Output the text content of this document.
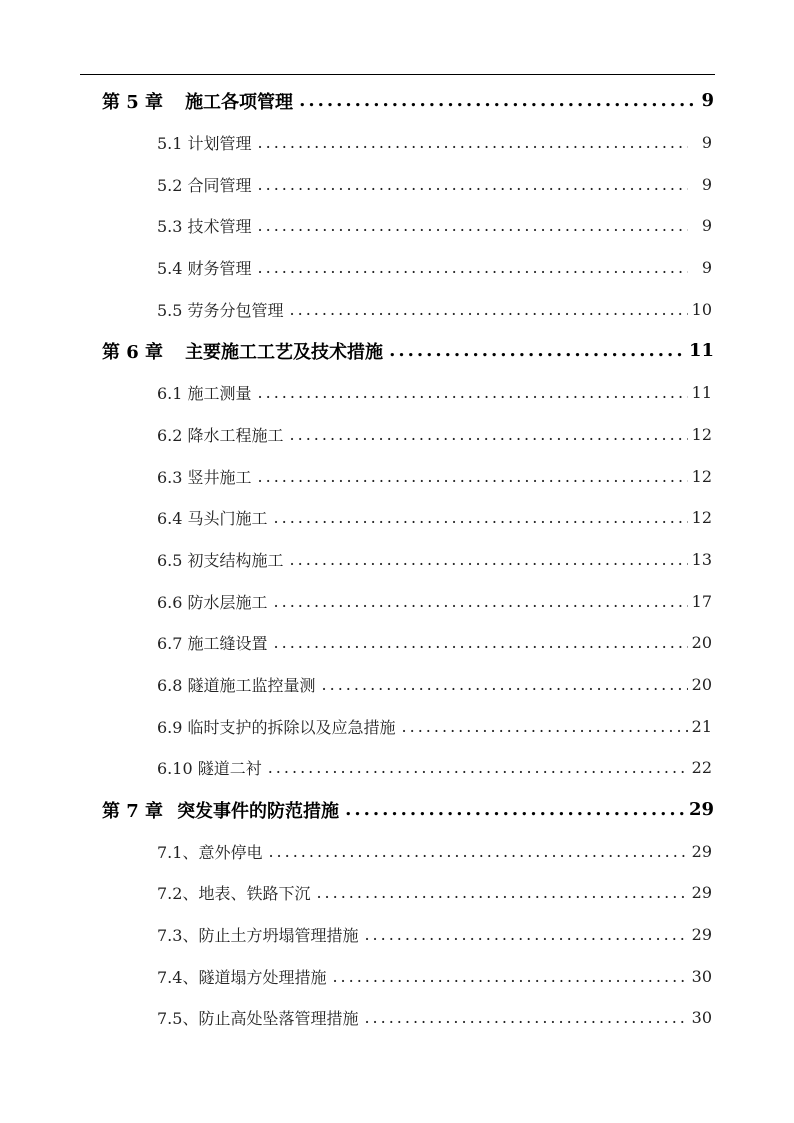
第 5 章 施工各项管理 .....	9
5.1 计划管理 .....	9
5.2 合同管理 .....	9
5.3 技术管理 .....	9
5.4 财务管理 .....	9
5.5 劳务分包管理 .....	10
第 6 章 主要施工工艺及技术措施 .....	11
6.1 施工测量 .....	11
6.2 降水工程施工 .....	12
6.3 竖井施工 .....	12
6.4 马头门施工 .....	12
6.5 初支结构施工 .....	13
6.6 防水层施工 .....	17
6.7 施工缝设置 .....	20
6.8 隧道施工监控量测 .....	20
6.9 临时支护的拆除以及应急措施 .....	21
6.10 隧道二衬 .....	22
第 7 章 突发事件的防范措施 .....	29
7.1、意外停电 .....	29
7.2、地表、铁路下沉 .....	29
7.3、防止土方坍塌管理措施 .....	29
7.4、隧道塌方处理措施 .....	30
7.5、防止高处坠落管理措施 .....	30
